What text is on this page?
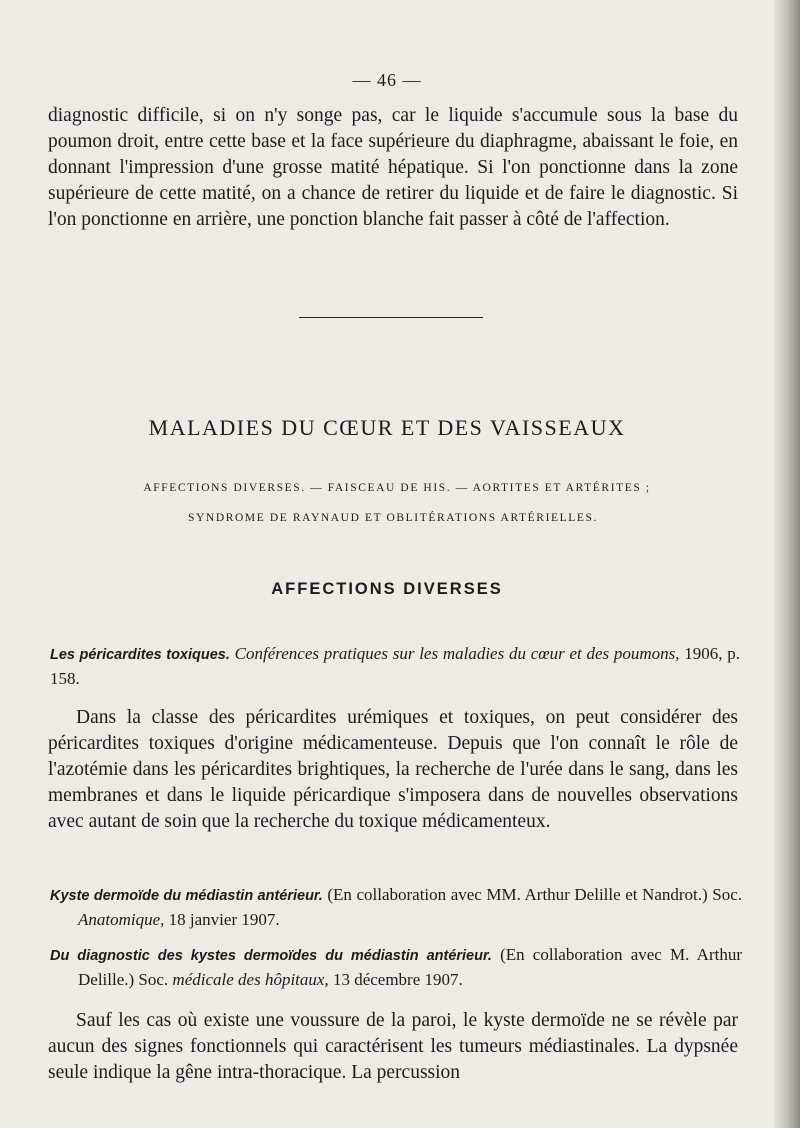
— 46 —

diagnostic difficile, si on n'y songe pas, car le liquide s'accumule sous la base du poumon droit, entre cette base et la face supérieure du diaphragme, abaissant le foie, en donnant l'impression d'une grosse matité hépatique. Si l'on ponctionne dans la zone supérieure de cette matité, on a chance de retirer du liquide et de faire le diagnostic. Si l'on ponctionne en arrière, une ponction blanche fait passer à côté de l'affection.

MALADIES DU CŒUR ET DES VAISSEAUX
AFFECTIONS DIVERSES. — FAISCEAU DE HIS. — AORTITES ET ARTÉRITES ;
SYNDROME DE RAYNAUD ET OBLITÉRATIONS ARTÉRIELLES.
AFFECTIONS DIVERSES

Les péricardites toxiques. Conférences pratiques sur les maladies du cœur et des poumons, 1906, p. 158.

Dans la classe des péricardites urémiques et toxiques, on peut considérer des péricardites toxiques d'origine médicamenteuse. Depuis que l'on connaît le rôle de l'azotémie dans les péricardites brightiques, la recherche de l'urée dans le sang, dans les membranes et dans le liquide péricardique s'imposera dans de nouvelles observations avec autant de soin que la recherche du toxique médicamenteux.

Kyste dermoïde du médiastin antérieur. (En collaboration avec MM. Arthur Delille et Nandrot.) Soc. Anatomique, 18 janvier 1907.

Du diagnostic des kystes dermoïdes du médiastin antérieur. (En collaboration avec M. Arthur Delille.) Soc. médicale des hôpitaux, 13 décembre 1907.

Sauf les cas où existe une voussure de la paroi, le kyste dermoïde ne se révèle par aucun des signes fonctionnels qui caractérisent les tumeurs médiastinales. La dypsnée seule indique la gêne intra-thoracique. La percussion
